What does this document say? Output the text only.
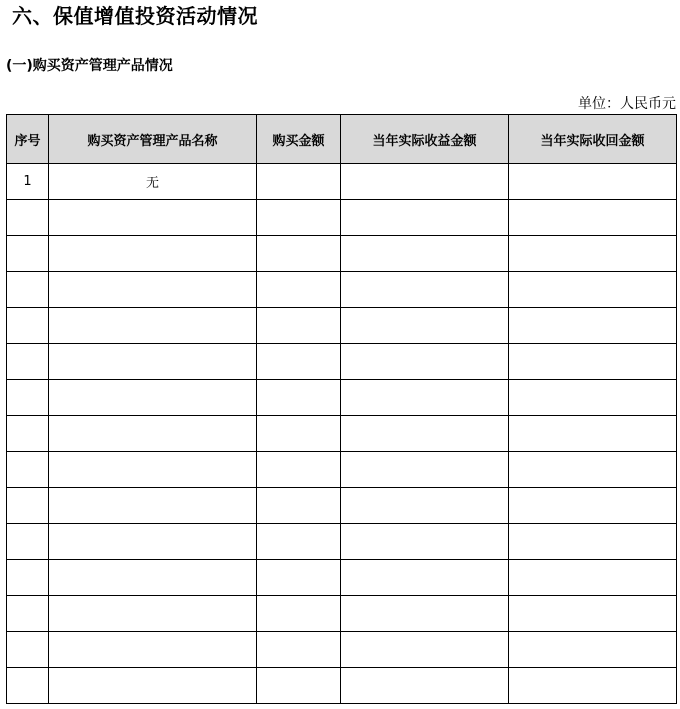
六、保值增值投资活动情况
(一)购买资产管理产品情况
单位：人民币元
序号	购买资产管理产品名称	购买金额	当年实际收益金额	当年实际收回金额
1	无			
